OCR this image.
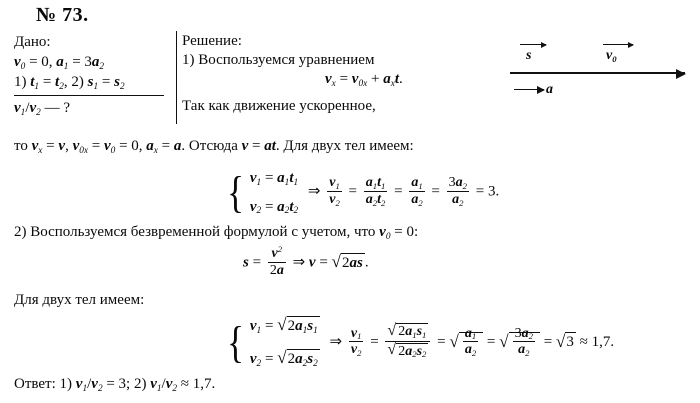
№ 73.
Дано:
$v_0 = 0$, $a_1 = 3a_2$
1) $t_1 = t_2$, 2) $s_1 = s_2$
$v_1/v_2$ — ?
Решение:
1) Воспользуемся уравнением
$v_x = v_{0x} + a_xt$.
Так как движение ускоренное,
s	$v_0$
a
то $v_x = v$, $v_{0x} = v_0 = 0$, $a_x = a$. Отсюда v = at. Для двух тел имеем:
{ $v_1 = a_1t_1$
$v_2 = a_2t_2$
⇒ $\frac{v_1}{v_2} = \frac{a_1t_1}{a_2t_2} = \frac{a_1}{a_2} = \frac{3a_2}{a_2} = 3$.
2) Воспользуемся безвременной формулой с учетом, что $v_0 = 0$:
$s = \frac{v^2}{2a}$ ⇒ v = √2as .
Для двух тел имеем:
{ $v_1 = √2a_1s_1$
$v_2 = √2a_2s_2$
⇒ $\frac{v_1}{v_2} = \frac{√ 2a_1s_1}{√ 2a_2s_2}$ = √ $\frac{a_1}{a_2}$ = √ $\frac{3a_2}{a_2} = √3 \approx 1,7$.
Ответ: 1) $v_1/v_2 = 3$; 2) $v_1/v_2 \approx 1,7$.
